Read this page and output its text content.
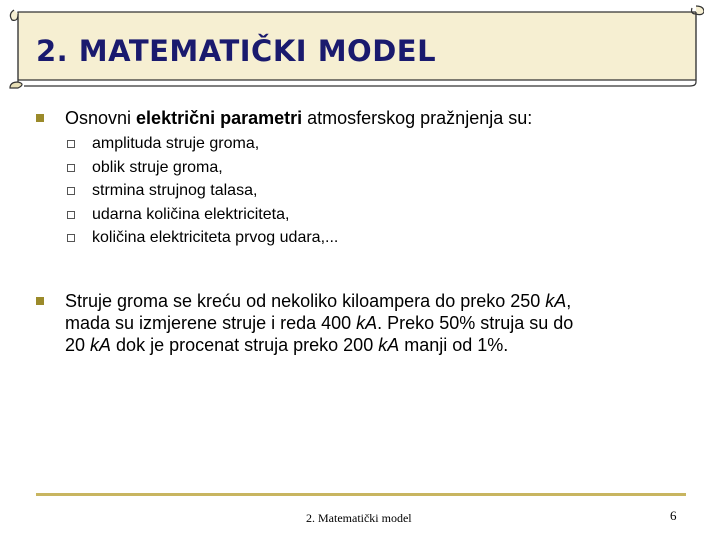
2. MATEMATIČKI MODEL
Osnovni električni parametri atmosferskog pražnjenja su:
amplituda struje groma,
oblik struje groma,
strmina strujnog talasa,
udarna količina elektriciteta,
količina elektriciteta prvog udara,...
Struje groma se kreću od nekoliko kiloampera do preko 250 kA,
mada su izmjerene struje i reda 400 kA. Preko 50% struja su do
20 kA dok je procenat struja preko 200 kA manji od 1%.
2. Matematički model	6
